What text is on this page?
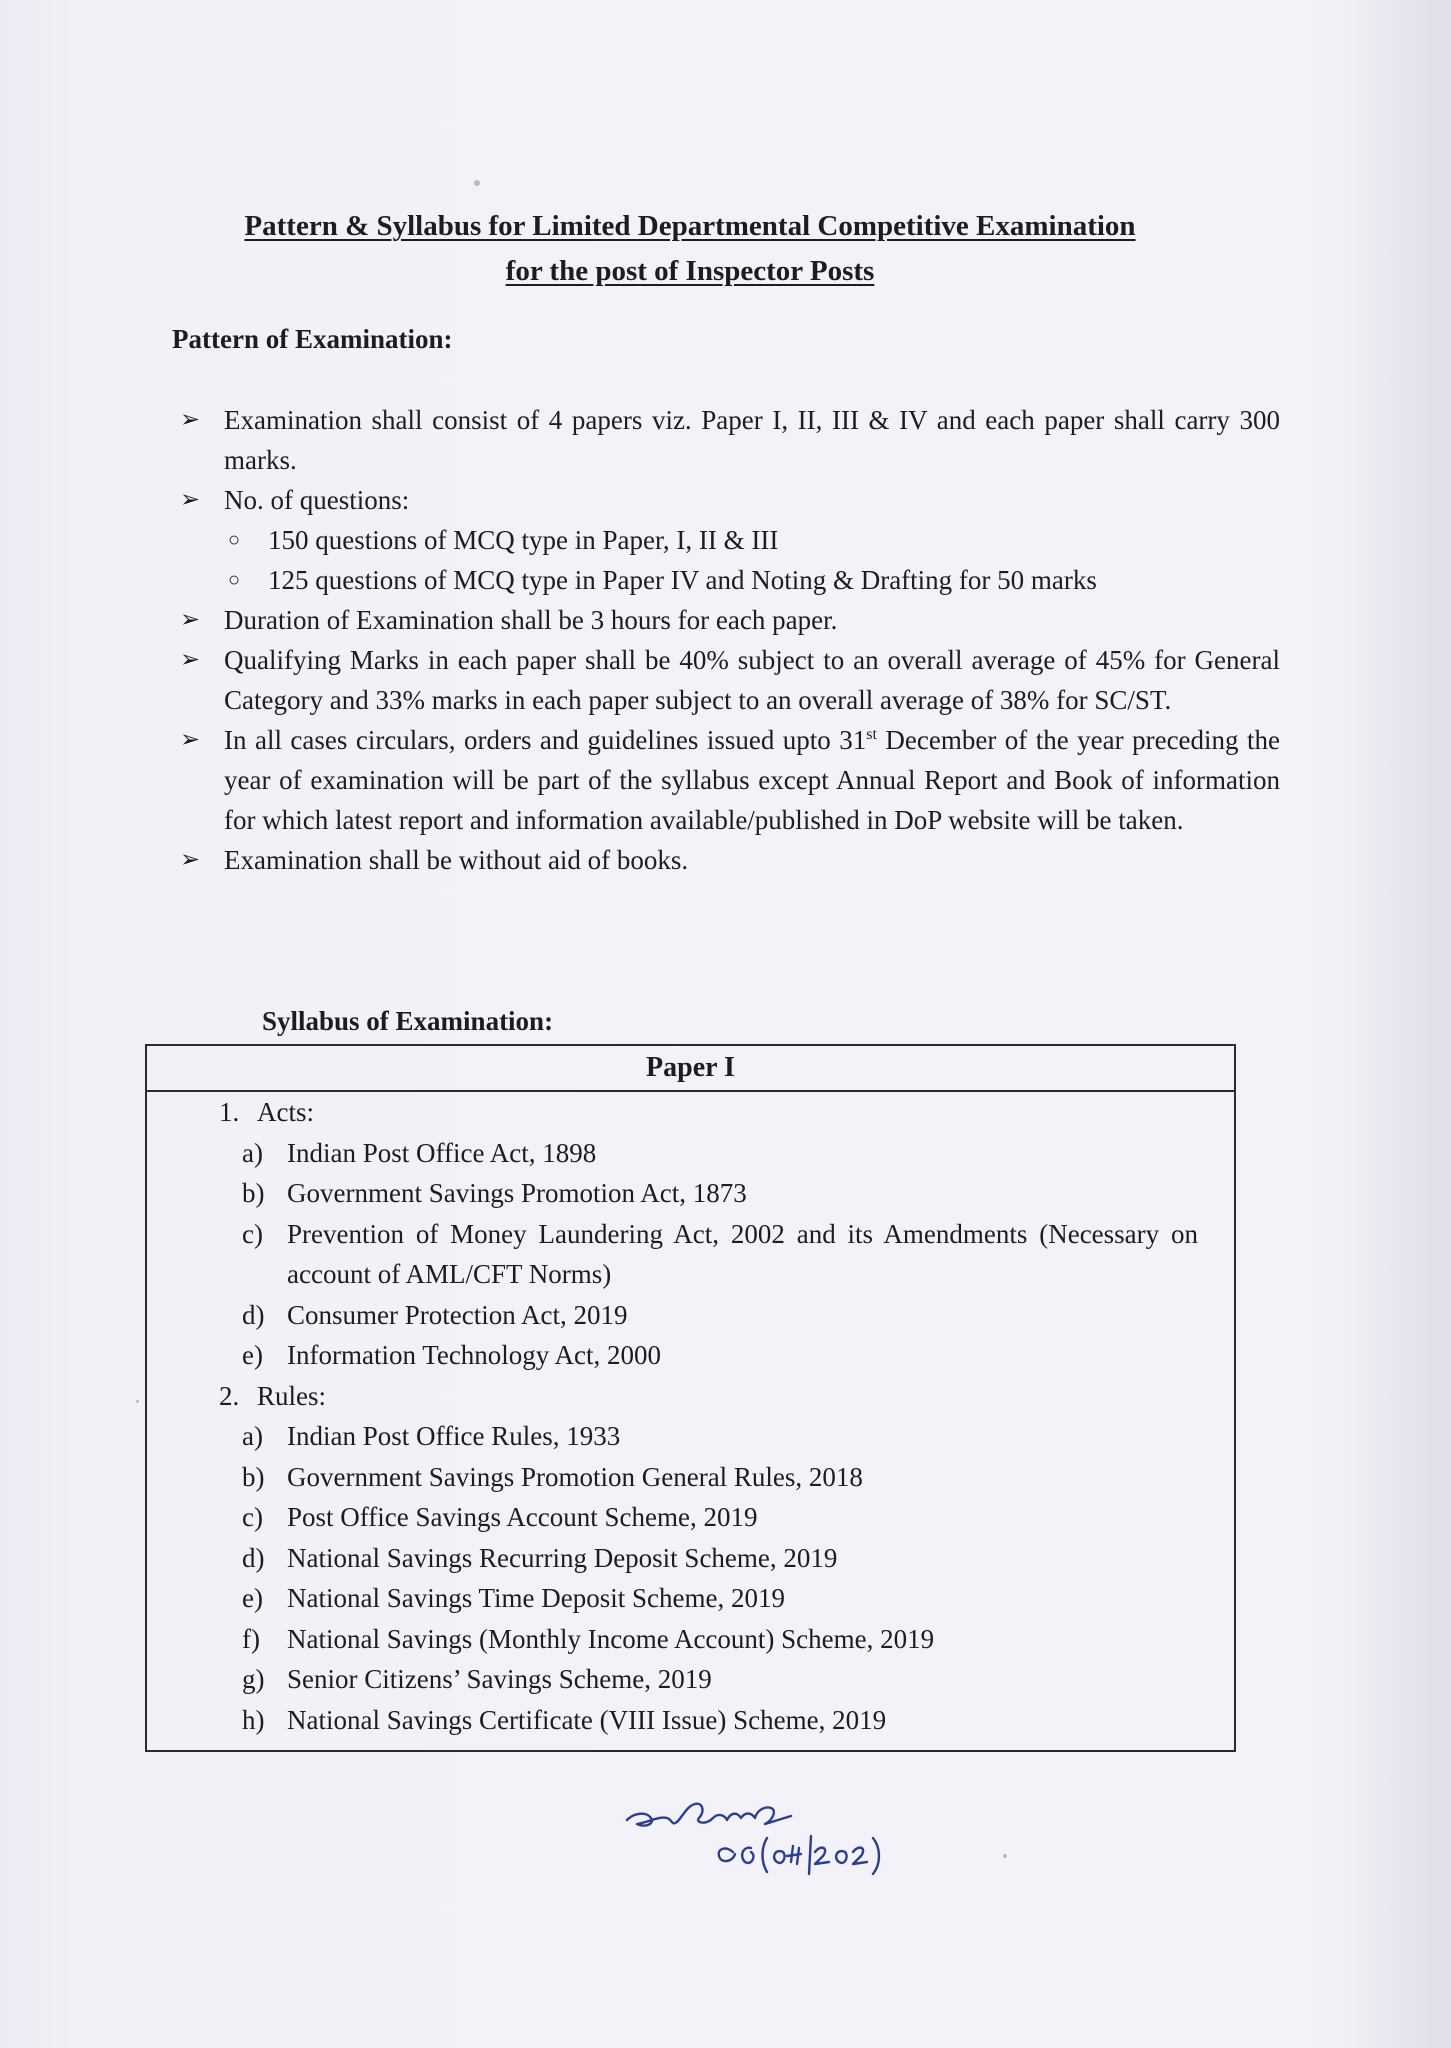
Pattern & Syllabus for Limited Departmental Competitive Examination
for the post of Inspector Posts
Pattern of Examination:
➢ Examination shall consist of 4 papers viz. Paper I, II, III & IV and each paper shall carry 300 marks.
➢ No. of questions:
○ 150 questions of MCQ type in Paper, I, II & III
○ 125 questions of MCQ type in Paper IV and Noting & Drafting for 50 marks
➢ Duration of Examination shall be 3 hours for each paper.
➢ Qualifying Marks in each paper shall be 40% subject to an overall average of 45% for General Category and 33% marks in each paper subject to an overall average of 38% for SC/ST.
➢ In all cases circulars, orders and guidelines issued upto 31st December of the year preceding the year of examination will be part of the syllabus except Annual Report and Book of information for which latest report and information available/published in DoP website will be taken.
➢ Examination shall be without aid of books.
Syllabus of Examination:
Paper I
1. Acts:
a) Indian Post Office Act, 1898
b) Government Savings Promotion Act, 1873
c) Prevention of Money Laundering Act, 2002 and its Amendments (Necessary on account of AML/CFT Norms)
d) Consumer Protection Act, 2019
e) Information Technology Act, 2000
2. Rules:
a) Indian Post Office Rules, 1933
b) Government Savings Promotion General Rules, 2018
c) Post Office Savings Account Scheme, 2019
d) National Savings Recurring Deposit Scheme, 2019
e) National Savings Time Deposit Scheme, 2019
f) National Savings (Monthly Income Account) Scheme, 2019
g) Senior Citizens’ Savings Scheme, 2019
h) National Savings Certificate (VIII Issue) Scheme, 2019
